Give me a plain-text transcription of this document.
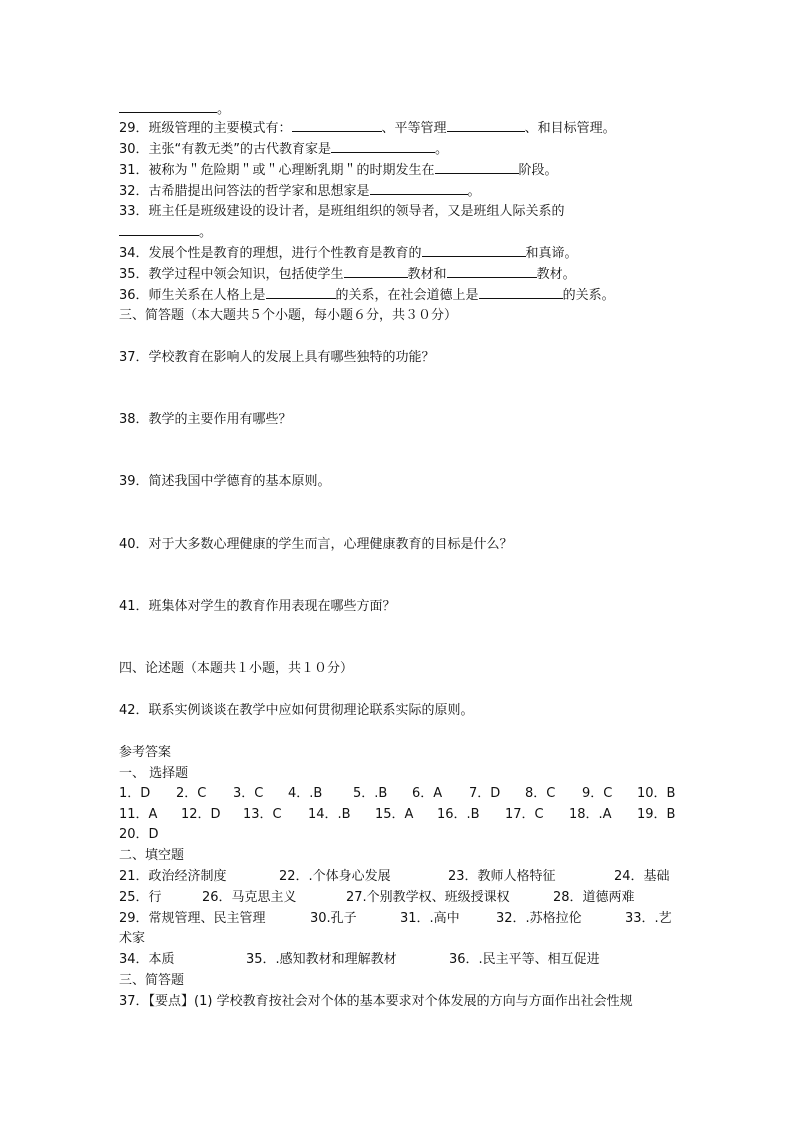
。
29．班级管理的主要模式有：	、平等管理	、和目标管理。
30．主张“有教无类”的古代教育家是	。
31．被称为＂危险期＂或＂心理断乳期＂的时期发生在	阶段。
32．古希腊提出问答法的哲学家和思想家是	。
33．班主任是班级建设的设计者，是班组组织的领导者，又是班组人际关系的
。
34．发展个性是教育的理想，进行个性教育是教育的	和真谛。
35．教学过程中领会知识，包括使学生	教材和	教材。
36．师生关系在人格上是	的关系，在社会道德上是	的关系。
三、简答题（本大题共５个小题，每小题６分，共３０分）
37．学校教育在影响人的发展上具有哪些独特的功能？
38．教学的主要作用有哪些？
39．简述我国中学德育的基本原则。
40．对于大多数心理健康的学生而言，心理健康教育的目标是什么？
41．班集体对学生的教育作用表现在哪些方面？
四、论述题（本题共１小题，共１０分）
42．联系实例谈谈在教学中应如何贯彻理论联系实际的原则。
参考答案
一、 选择题
1．D 2．C 3．C 4．.B 5．.B 6．A 7．D 8．C 9．C 10．B
11．A 12．D 13．C 14．.B 15．A 16．.B 17．C 18．.A 19．B
20．D
二、填空题
21．政治经济制度	22．.个体身心发展	23．教师人格特征	24．基础
25．行	26．马克思主义	27.个别教学权、班级授课权	28．道德两难
29．常规管理、民主管理	30.孔子	31．.高中	32．.苏格拉伦	33．.艺
术家
34．本质	35．.感知教材和理解教材	36．.民主平等、相互促进
三、简答题
37．【要点】(1) 学校教育按社会对个体的基本要求对个体发展的方向与方面作出社会性规
